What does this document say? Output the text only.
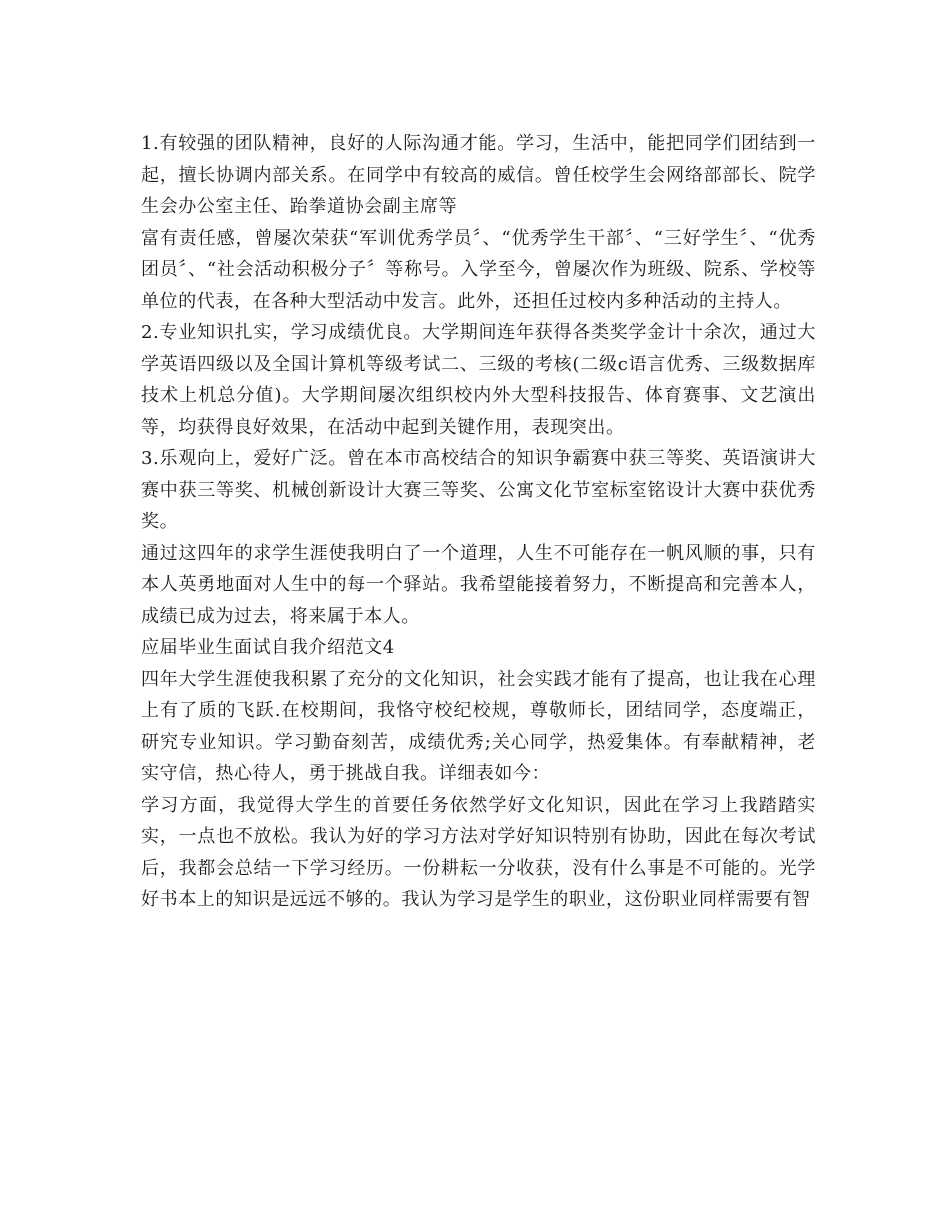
1.有较强的团队精神，良好的人际沟通才能。学习，生活中，能把同学们团结到一起，擅长协调内部关系。在同学中有较高的威信。曾任校学生会网络部部长、院学生会办公室主任、跆拳道协会副主席等

富有责任感，曾屡次荣获“军训优秀学员〞、“优秀学生干部〞、“三好学生〞、“优秀团员〞、“社会活动积极分子〞等称号。入学至今，曾屡次作为班级、院系、学校等单位的代表，在各种大型活动中发言。此外，还担任过校内多种活动的主持人。

2.专业知识扎实，学习成绩优良。大学期间连年获得各类奖学金计十余次，通过大学英语四级以及全国计算机等级考试二、三级的考核(二级c语言优秀、三级数据库技术上机总分值)。大学期间屡次组织校内外大型科技报告、体育赛事、文艺演出等，均获得良好效果，在活动中起到关键作用，表现突出。

3.乐观向上，爱好广泛。曾在本市高校结合的知识争霸赛中获三等奖、英语演讲大赛中获三等奖、机械创新设计大赛三等奖、公寓文化节室标室铭设计大赛中获优秀奖。

通过这四年的求学生涯使我明白了一个道理，人生不可能存在一帆风顺的事，只有本人英勇地面对人生中的每一个驿站。我希望能接着努力，不断提高和完善本人，成绩已成为过去，将来属于本人。

应届毕业生面试自我介绍范文4

四年大学生涯使我积累了充分的文化知识，社会实践才能有了提高，也让我在心理上有了质的飞跃.在校期间，我恪守校纪校规，尊敬师长，团结同学，态度端正，研究专业知识。学习勤奋刻苦，成绩优秀;关心同学，热爱集体。有奉献精神，老实守信，热心待人，勇于挑战自我。详细表如今：

学习方面，我觉得大学生的首要任务依然学好文化知识，因此在学习上我踏踏实实，一点也不放松。我认为好的学习方法对学好知识特别有协助，因此在每次考试后，我都会总结一下学习经历。一份耕耘一分收获，没有什么事是不可能的。光学好书本上的知识是远远不够的。我认为学习是学生的职业，这份职业同样需要有智
